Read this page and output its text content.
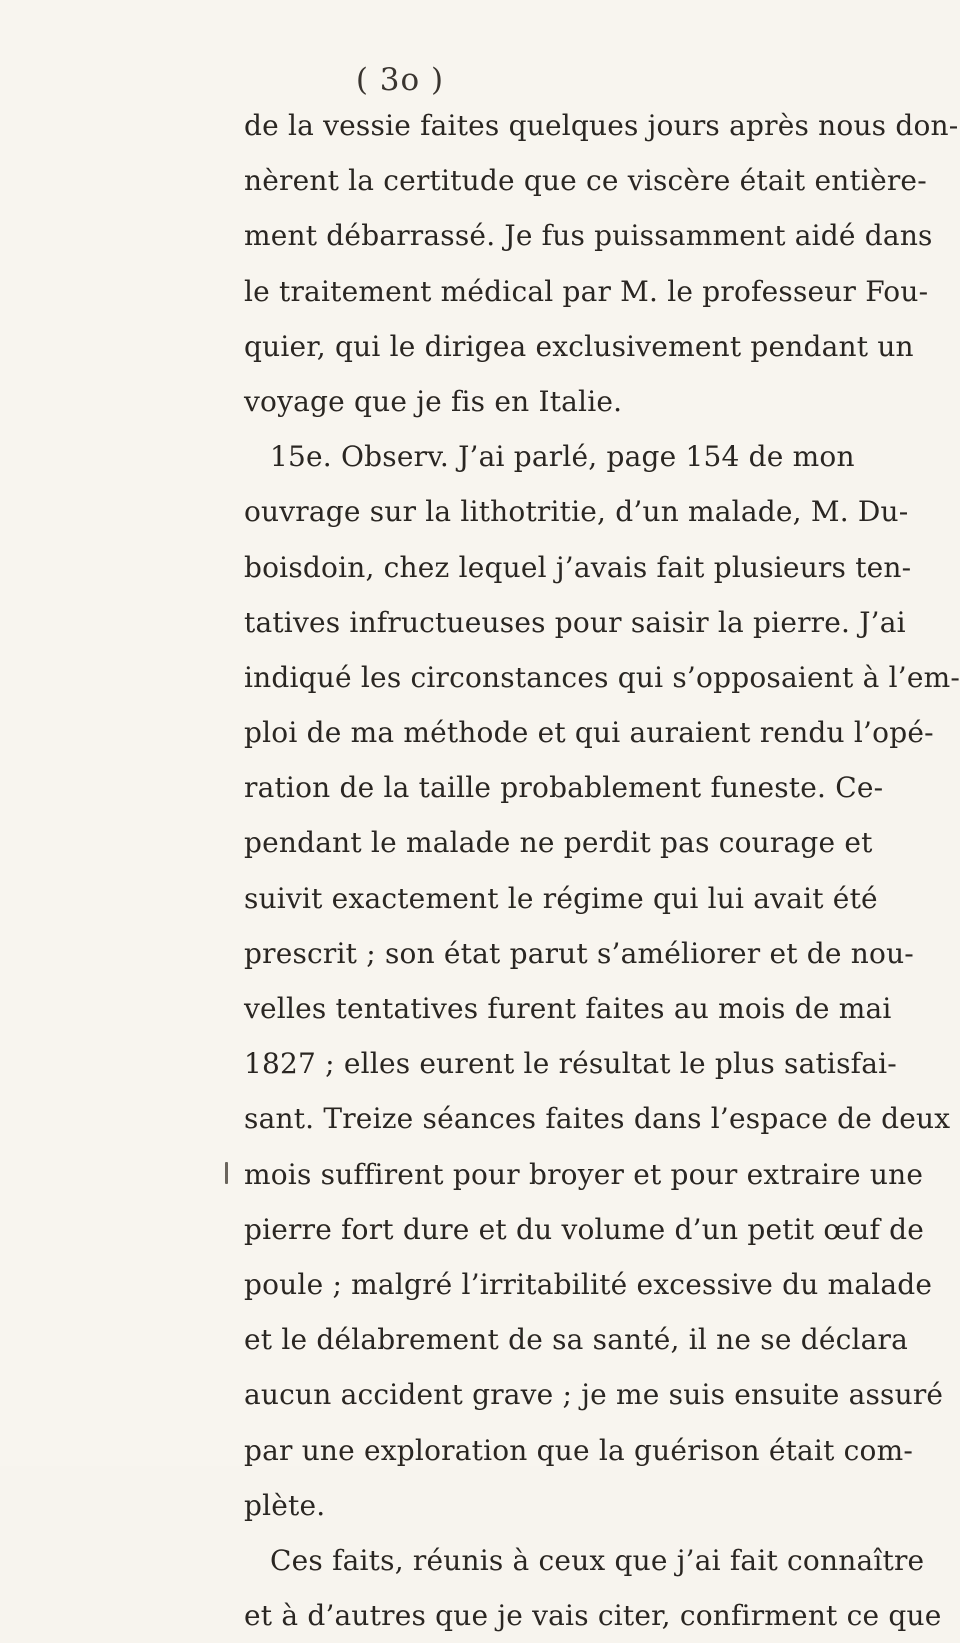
( 3o )
de la vessie faites quelques jours après nous don-
nèrent la certitude que ce viscère était entière-
ment débarrassé. Je fus puissamment aidé dans
le traitement médical par M. le professeur Fou-
quier, qui le dirigea exclusivement pendant un
voyage que je fis en Italie.
15e. Observ. J’ai parlé, page 154 de mon
ouvrage sur la lithotritie, d’un malade, M. Du-
boisdoin, chez lequel j’avais fait plusieurs ten-
tatives infructueuses pour saisir la pierre. J’ai
indiqué les circonstances qui s’opposaient à l’em-
ploi de ma méthode et qui auraient rendu l’opé-
ration de la taille probablement funeste. Ce-
pendant le malade ne perdit pas courage et
suivit exactement le régime qui lui avait été
prescrit ; son état parut s’améliorer et de nou-
velles tentatives furent faites au mois de mai
1827 ; elles eurent le résultat le plus satisfai-
sant. Treize séances faites dans l’espace de deux
mois suffirent pour broyer et pour extraire une
pierre fort dure et du volume d’un petit œuf de
poule ; malgré l’irritabilité excessive du malade
et le délabrement de sa santé, il ne se déclara
aucun accident grave ; je me suis ensuite assuré
par une exploration que la guérison était com-
plète.
Ces faits, réunis à ceux que j’ai fait connaître
et à d’autres que je vais citer, confirment ce que
